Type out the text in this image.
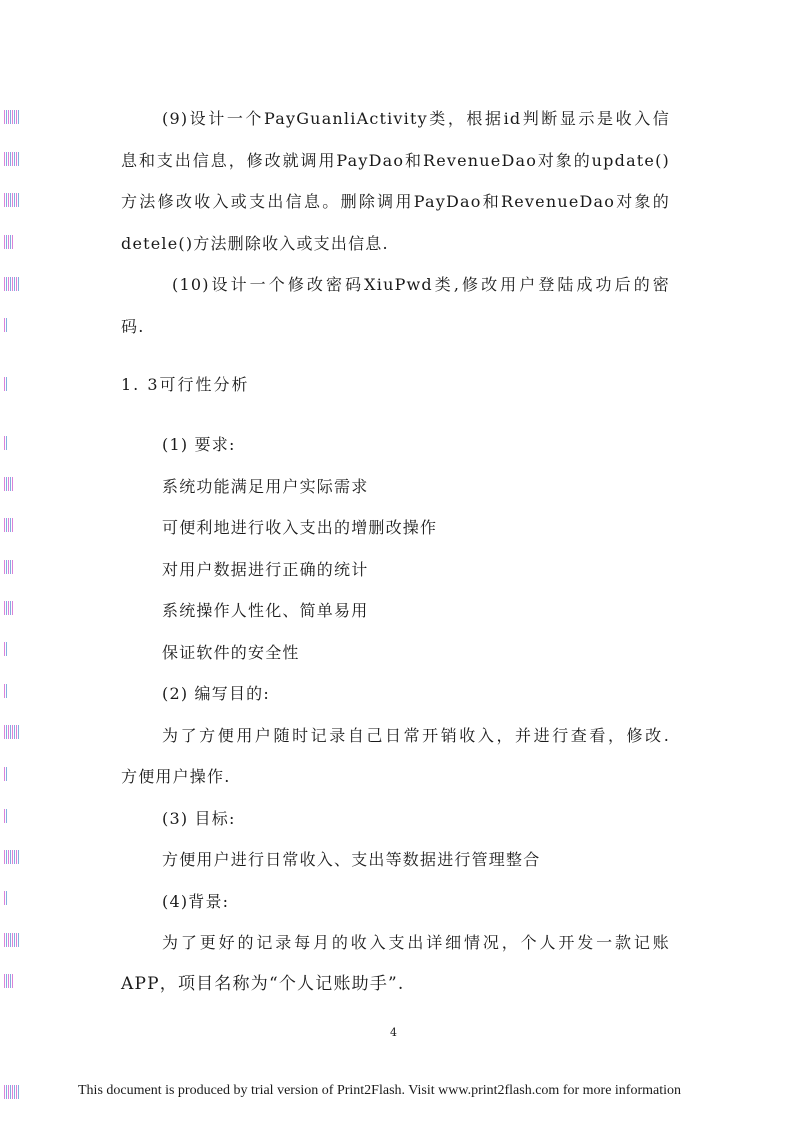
(9)设计一个PayGuanliActivity类，根据id判断显示是收入信
息和支出信息，修改就调用PayDao和RevenueDao对象的update()
方法修改收入或支出信息。删除调用PayDao和RevenueDao对象的
detele()方法删除收入或支出信息.
(10)设计一个修改密码XiuPwd类,修改用户登陆成功后的密
码.
1. 3可行性分析
(1) 要求:
系统功能满足用户实际需求
可便利地进行收入支出的增删改操作
对用户数据进行正确的统计
系统操作人性化、简单易用
保证软件的安全性
(2) 编写目的:
为了方便用户随时记录自己日常开销收入，并进行查看，修改.
方便用户操作.
(3) 目标:
方便用户进行日常收入、支出等数据进行管理整合
(4)背景:
为了更好的记录每月的收入支出详细情况，个人开发一款记账
APP，项目名称为“个人记账助手”.
4
This document is produced by trial version of Print2Flash. Visit www.print2flash.com for more information
